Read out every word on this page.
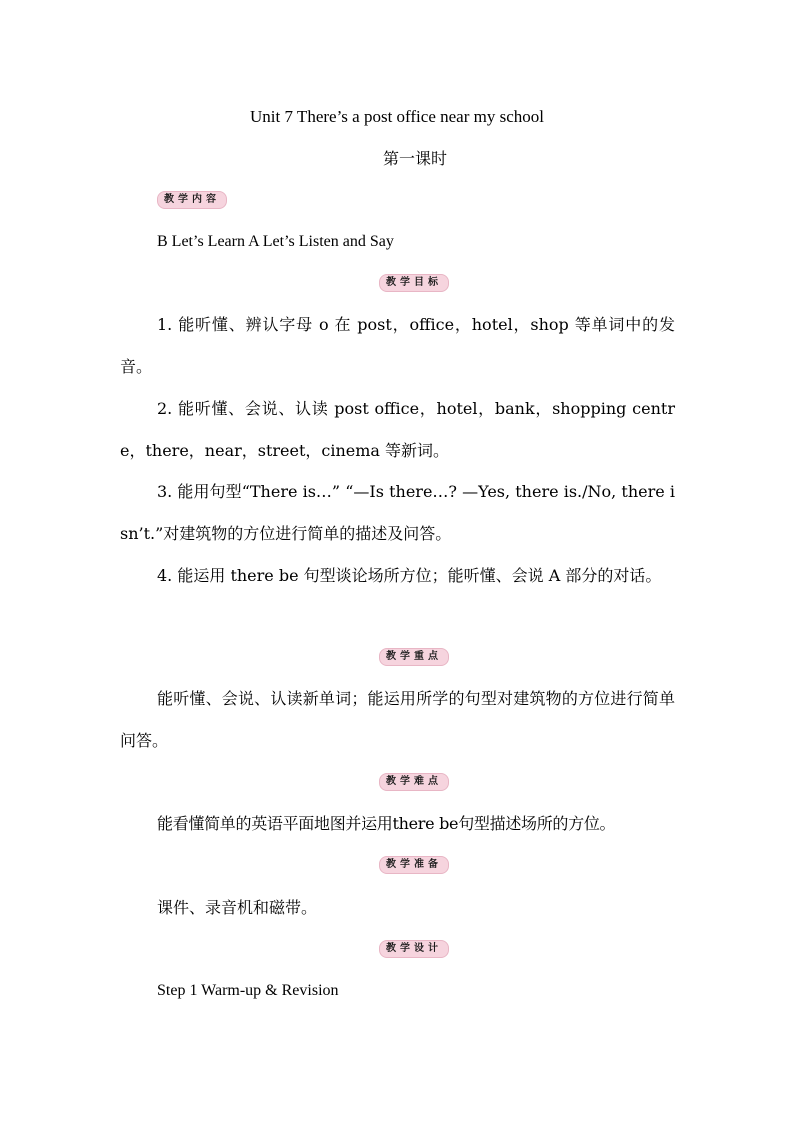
Unit 7 There’s a post office near my school
第一课时
教学内容
B Let’s Learn A Let’s Listen and Say
教学目标
1. 能听懂、辨认字母 o 在 post，office，hotel，shop 等单词中的发音。
2. 能听懂、会说、认读 post office，hotel，bank，shopping centre，there，near，street，cinema 等新词。
3. 能用句型“There is…” “—Is there…? —Yes, there is./No, there isn’t.”对建筑物的方位进行简单的描述及问答。
4. 能运用 there be 句型谈论场所方位；能听懂、会说 A 部分的对话。
教学重点
能听懂、会说、认读新单词；能运用所学的句型对建筑物的方位进行简单问答。
教学难点
能看懂简单的英语平面地图并运用there be句型描述场所的方位。
教学准备
课件、录音机和磁带。
教学设计
Step 1 Warm-up & Revision
